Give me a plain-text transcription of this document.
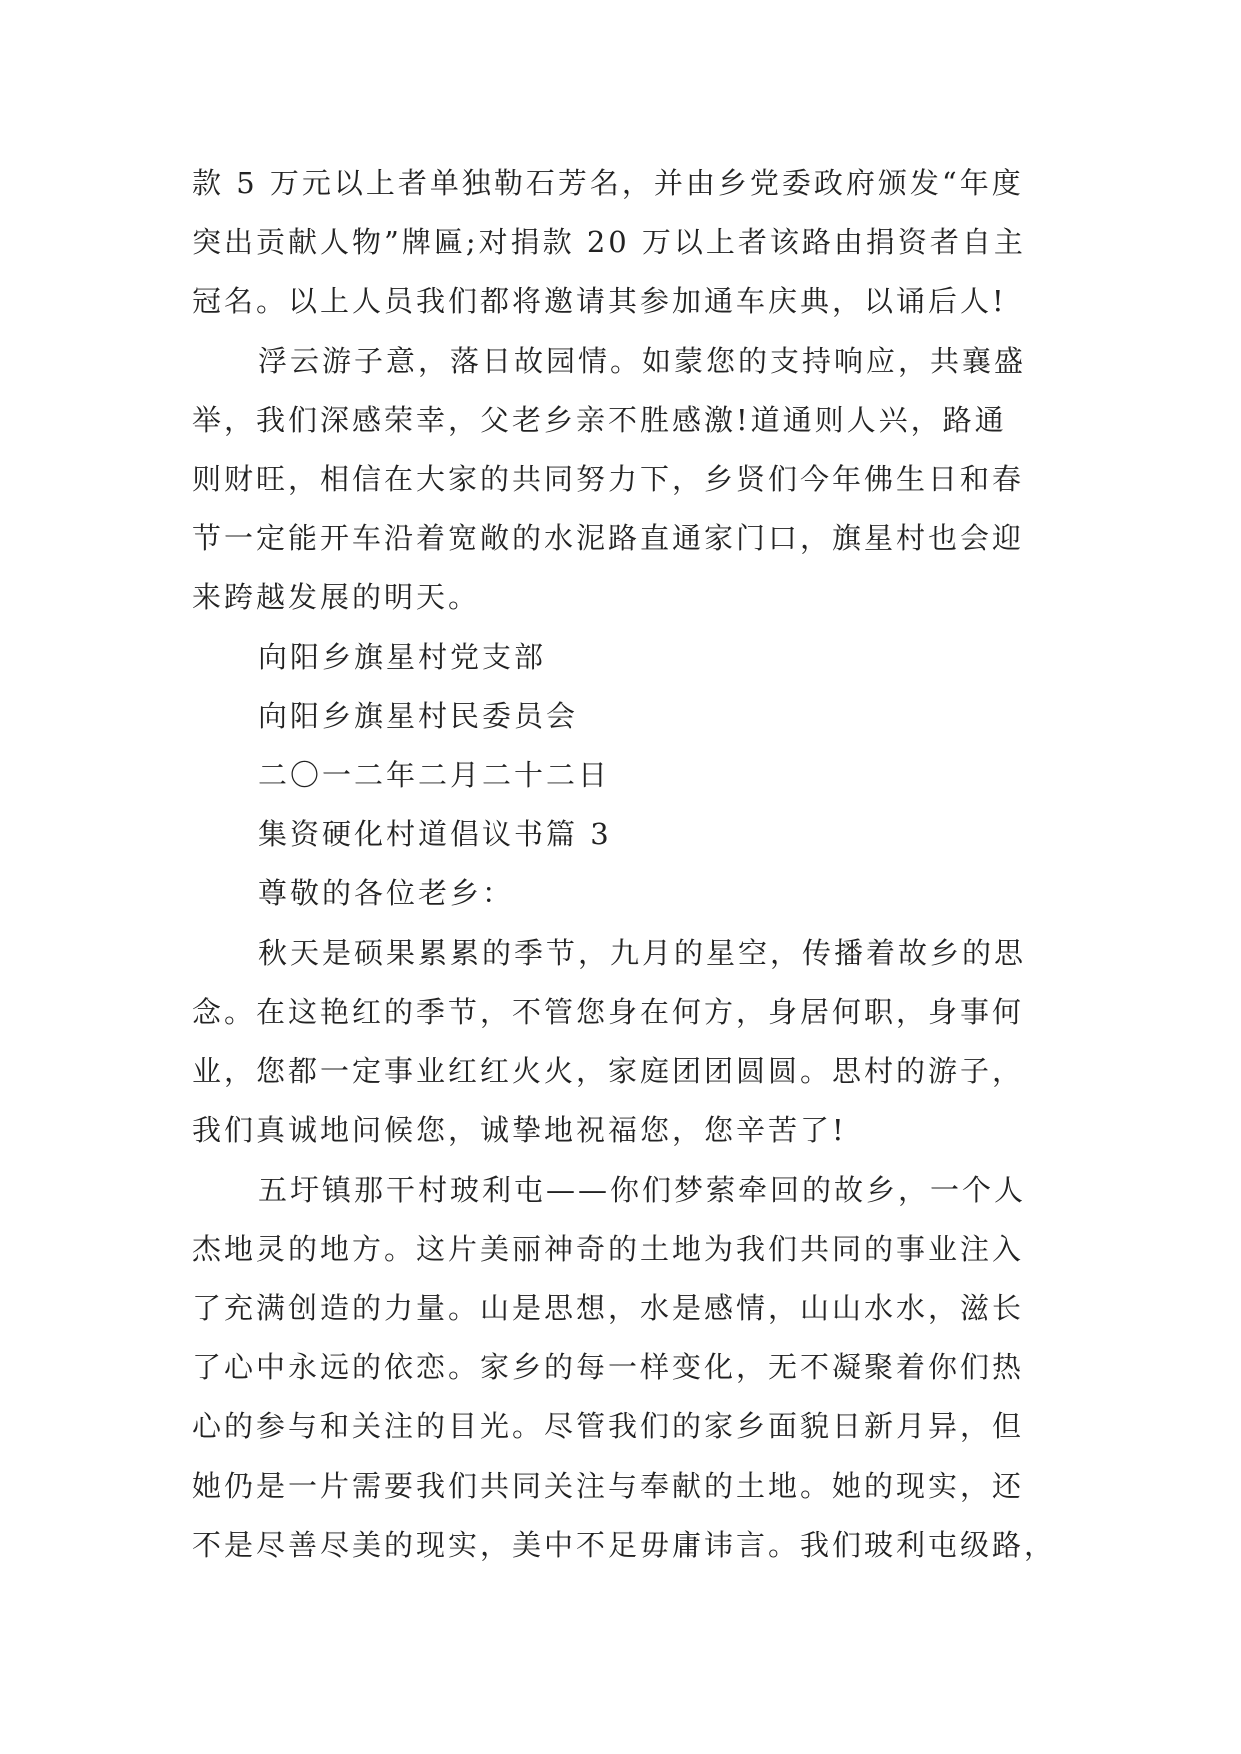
款 5 万元以上者单独勒石芳名，并由乡党委政府颁发“年度
突出贡献人物”牌匾;对捐款 20 万以上者该路由捐资者自主
冠名。以上人员我们都将邀请其参加通车庆典，以诵后人!
浮云游子意，落日故园情。如蒙您的支持响应，共襄盛
举，我们深感荣幸，父老乡亲不胜感激!道通则人兴，路通
则财旺，相信在大家的共同努力下，乡贤们今年佛生日和春
节一定能开车沿着宽敞的水泥路直通家门口，旗星村也会迎
来跨越发展的明天。
向阳乡旗星村党支部
向阳乡旗星村民委员会
二〇一二年二月二十二日
集资硬化村道倡议书篇 3
尊敬的各位老乡：
秋天是硕果累累的季节，九月的星空，传播着故乡的思
念。在这艳红的季节，不管您身在何方，身居何职，身事何
业，您都一定事业红红火火，家庭团团圆圆。思村的游子，
我们真诚地问候您，诚挚地祝福您，您辛苦了!
五圩镇那干村玻利屯——你们梦萦牵回的故乡，一个人
杰地灵的地方。这片美丽神奇的土地为我们共同的事业注入
了充满创造的力量。山是思想，水是感情，山山水水，滋长
了心中永远的依恋。家乡的每一样变化，无不凝聚着你们热
心的参与和关注的目光。尽管我们的家乡面貌日新月异，但
她仍是一片需要我们共同关注与奉献的土地。她的现实，还
不是尽善尽美的现实，美中不足毋庸讳言。我们玻利屯级路，
